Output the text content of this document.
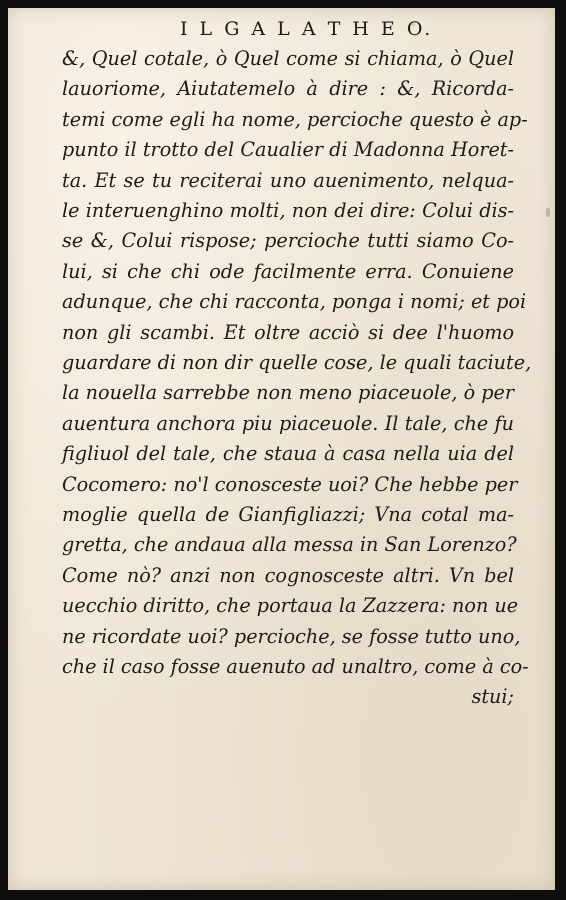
I L G A L A T H E O.
&, Quel cotale, ò Quel come si chiama, ò Quel
lauoriome, Aiutatemelo à dire : &, Ricorda-
temi come egli ha nome, percioche questo è ap-
punto il trotto del Caualier di Madonna Horet-
ta. Et se tu reciterai uno auenimento, nelqua-
le interuenghino molti, non dei dire: Colui dis-
se &, Colui rispose; percioche tutti siamo Co-
lui, si che chi ode facilmente erra. Conuiene
adunque, che chi racconta, ponga i nomi; et poi
non gli scambi. Et oltre acciò si dee l'huomo
guardare di non dir quelle cose, le quali taciute,
la nouella sarrebbe non meno piaceuole, ò per
auentura anchora piu piaceuole. Il tale, che fu
figliuol del tale, che staua à casa nella uia del
Cocomero: no'l conosceste uoi? Che hebbe per
moglie quella de Gianfigliazzi; Vna cotal ma-
gretta, che andaua alla messa in San Lorenzo?
Come nò? anzi non cognosceste altri. Vn bel
uecchio diritto, che portaua la Zazzera: non ue
ne ricordate uoi? percioche, se fosse tutto uno,
che il caso fosse auenuto ad unaltro, come à co-
stui;
